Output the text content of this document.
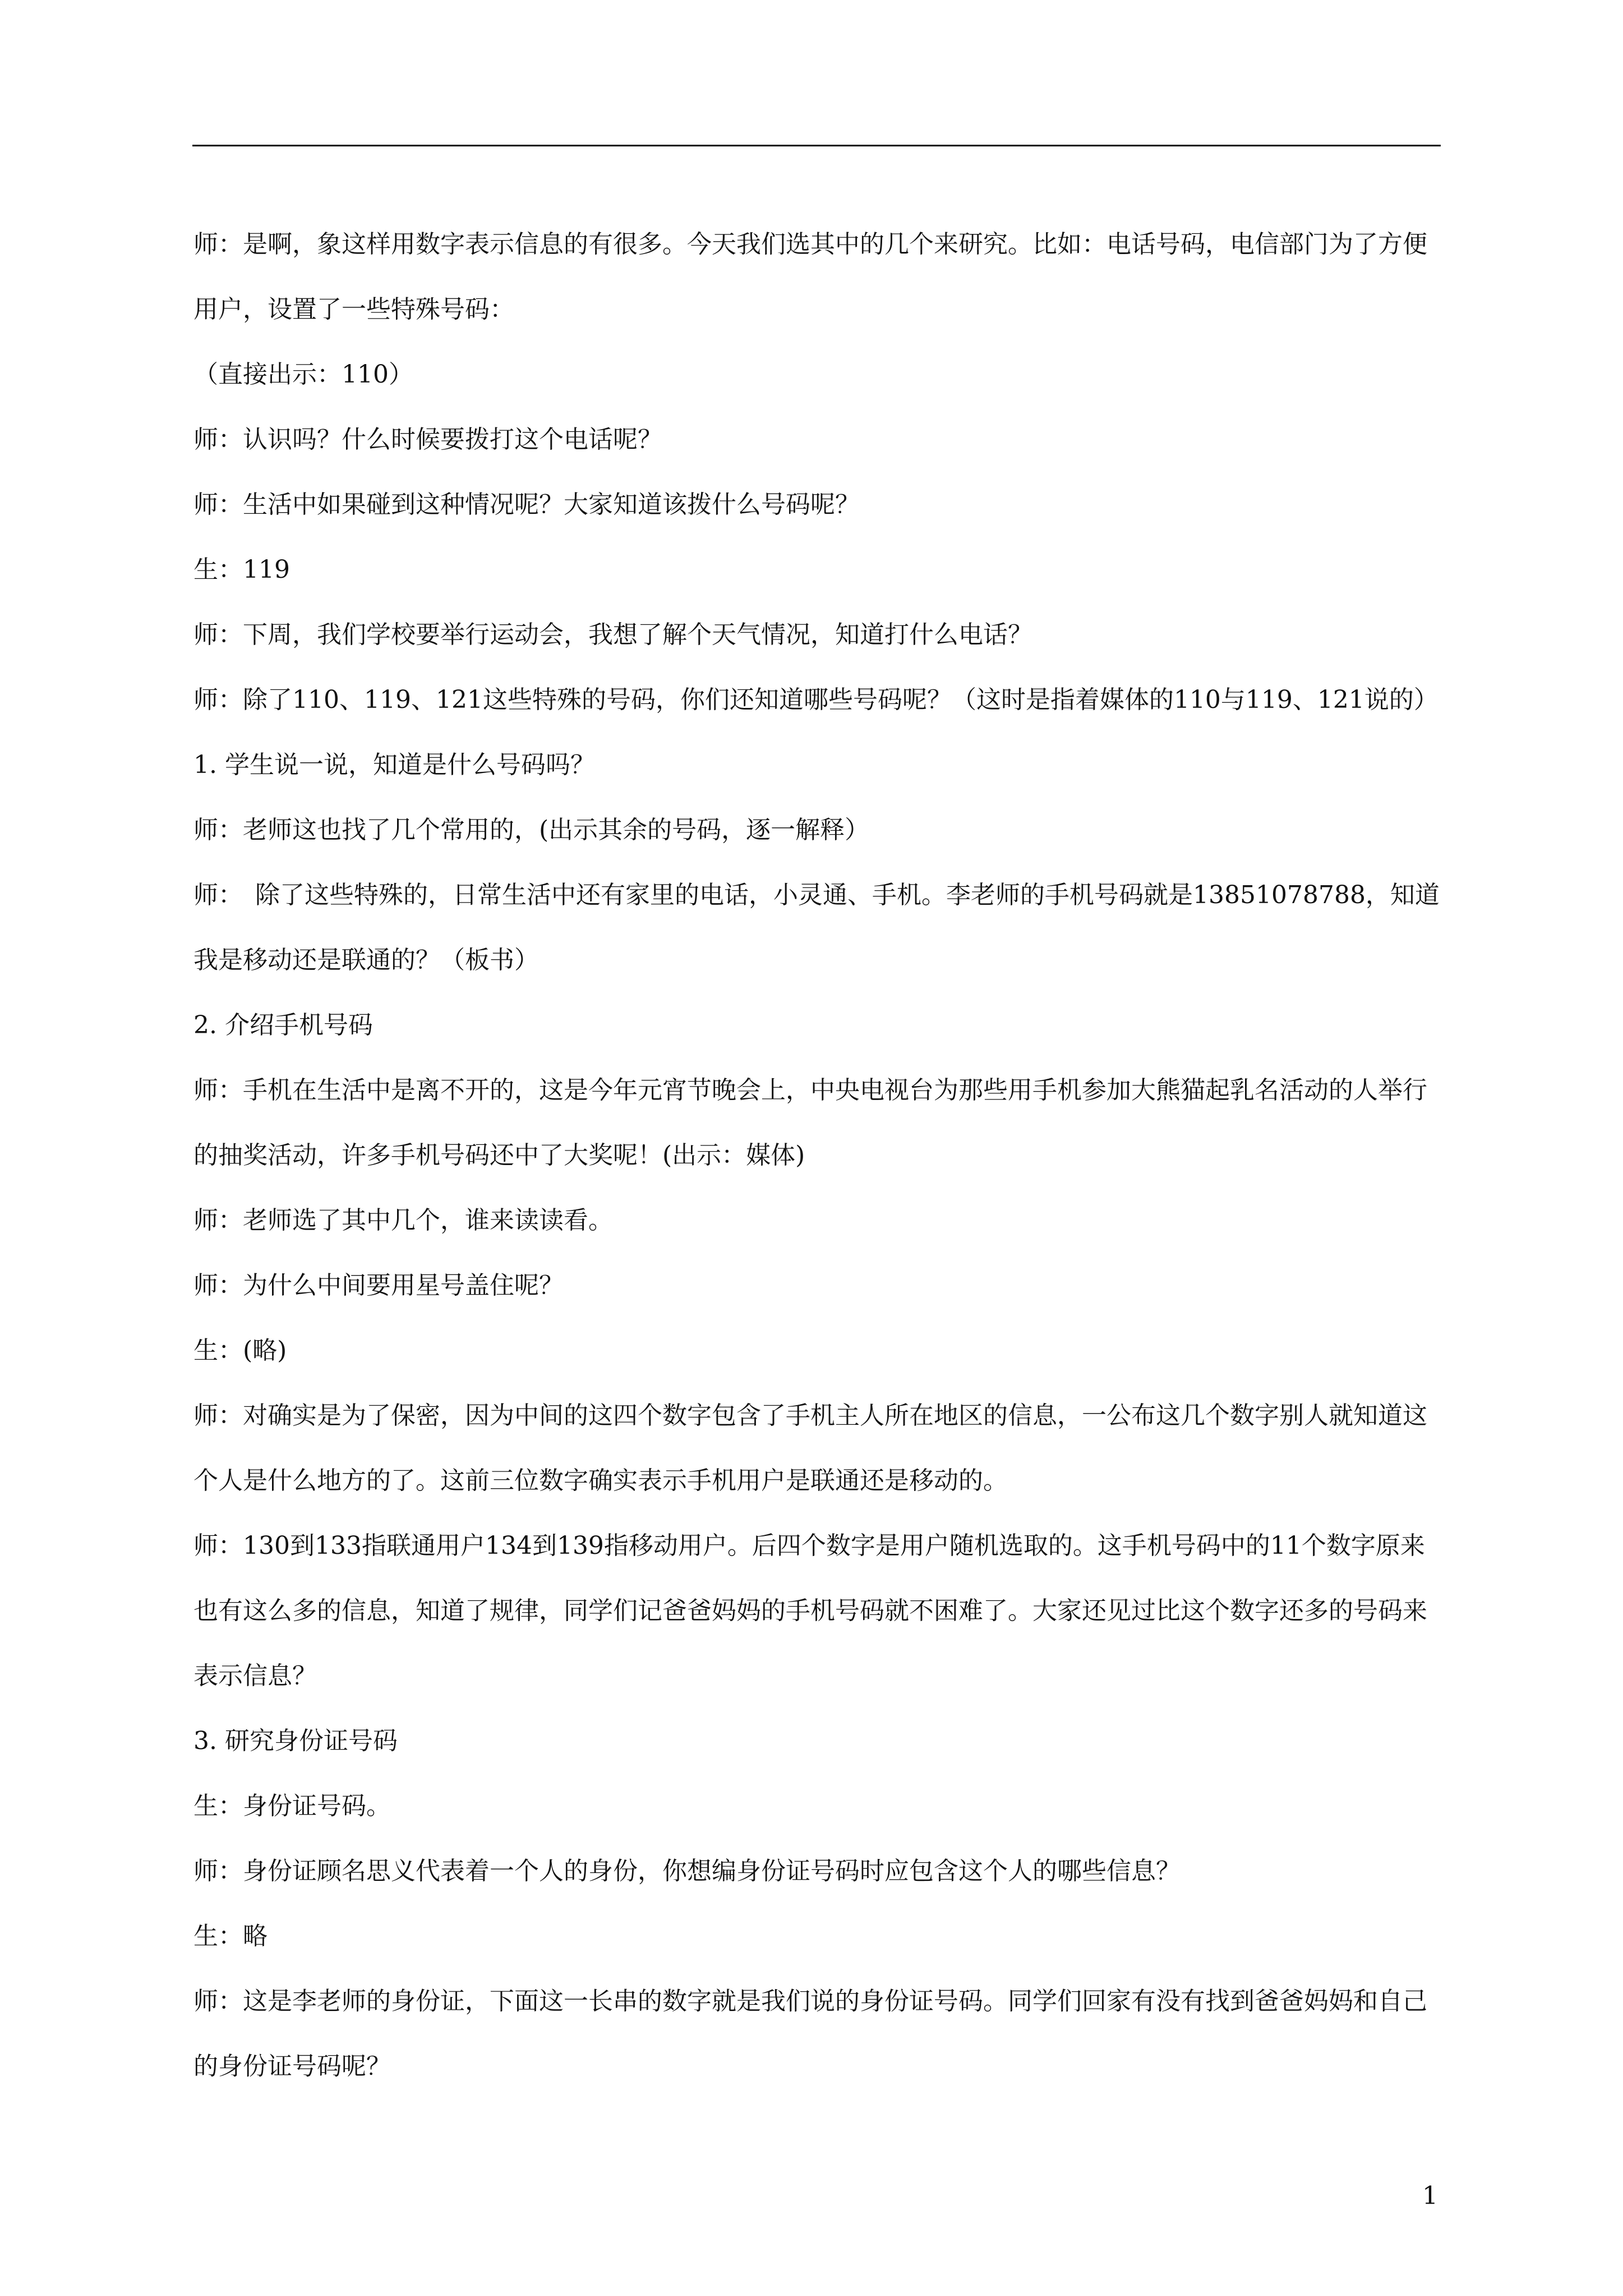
师：是啊，象这样用数字表示信息的有很多。今天我们选其中的几个来研究。比如：电话号码，电信部门为了方便用户，设置了一些特殊号码：

（直接出示：110）

师：认识吗？什么时候要拨打这个电话呢？

师：生活中如果碰到这种情况呢？大家知道该拨什么号码呢？

生：119

师：下周，我们学校要举行运动会，我想了解个天气情况，知道打什么电话？

师：除了110、119、121这些特殊的号码，你们还知道哪些号码呢？（这时是指着媒体的110与119、121说的）

1. 学生说一说，知道是什么号码吗？

师：老师这也找了几个常用的，(出示其余的号码，逐一解释）

师：　除了这些特殊的，日常生活中还有家里的电话，小灵通、手机。李老师的手机号码就是13851078788，知道我是移动还是联通的？（板书）

2. 介绍手机号码

师：手机在生活中是离不开的，这是今年元宵节晚会上，中央电视台为那些用手机参加大熊猫起乳名活动的人举行的抽奖活动，许多手机号码还中了大奖呢！(出示：媒体)

师：老师选了其中几个，谁来读读看。

师：为什么中间要用星号盖住呢？

生：(略)

师：对确实是为了保密，因为中间的这四个数字包含了手机主人所在地区的信息，一公布这几个数字别人就知道这个人是什么地方的了。这前三位数字确实表示手机用户是联通还是移动的。

师：130到133指联通用户134到139指移动用户。后四个数字是用户随机选取的。这手机号码中的11个数字原来也有这么多的信息，知道了规律，同学们记爸爸妈妈的手机号码就不困难了。大家还见过比这个数字还多的号码来表示信息？

3. 研究身份证号码

生：身份证号码。

师：身份证顾名思义代表着一个人的身份，你想编身份证号码时应包含这个人的哪些信息？

生：略

师：这是李老师的身份证，下面这一长串的数字就是我们说的身份证号码。同学们回家有没有找到爸爸妈妈和自己的身份证号码呢？

1
